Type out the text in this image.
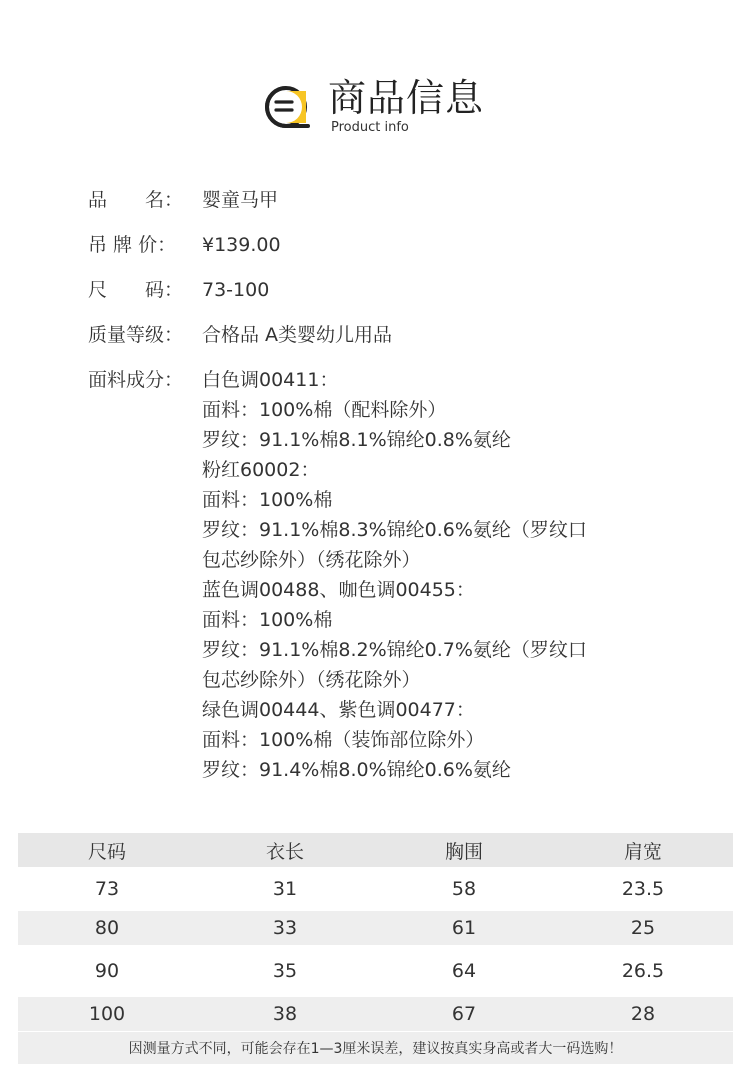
商品信息
Product info
品　　名： 婴童马甲
吊 牌 价：	¥139.00
尺　　码： 73-100
质量等级： 合格品 A类婴幼儿用品
面料成分： 白色调00411：
面料：100%棉（配料除外）
罗纹：91.1%棉8.1%锦纶0.8%氨纶
粉红60002：
面料：100%棉
罗纹：91.1%棉8.3%锦纶0.6%氨纶（罗纹口
包芯纱除外）（绣花除外）
蓝色调00488、咖色调00455：
面料：100%棉
罗纹：91.1%棉8.2%锦纶0.7%氨纶（罗纹口
包芯纱除外）（绣花除外）
绿色调00444、紫色调00477：
面料：100%棉（装饰部位除外）
罗纹：91.4%棉8.0%锦纶0.6%氨纶
尺码	衣长	胸围	肩宽
73	31	58	23.5
80	33	61	25
90	35	64	26.5
100	38	67	28
因测量方式不同，可能会存在1—3厘米误差，建议按真实身高或者大一码选购！
